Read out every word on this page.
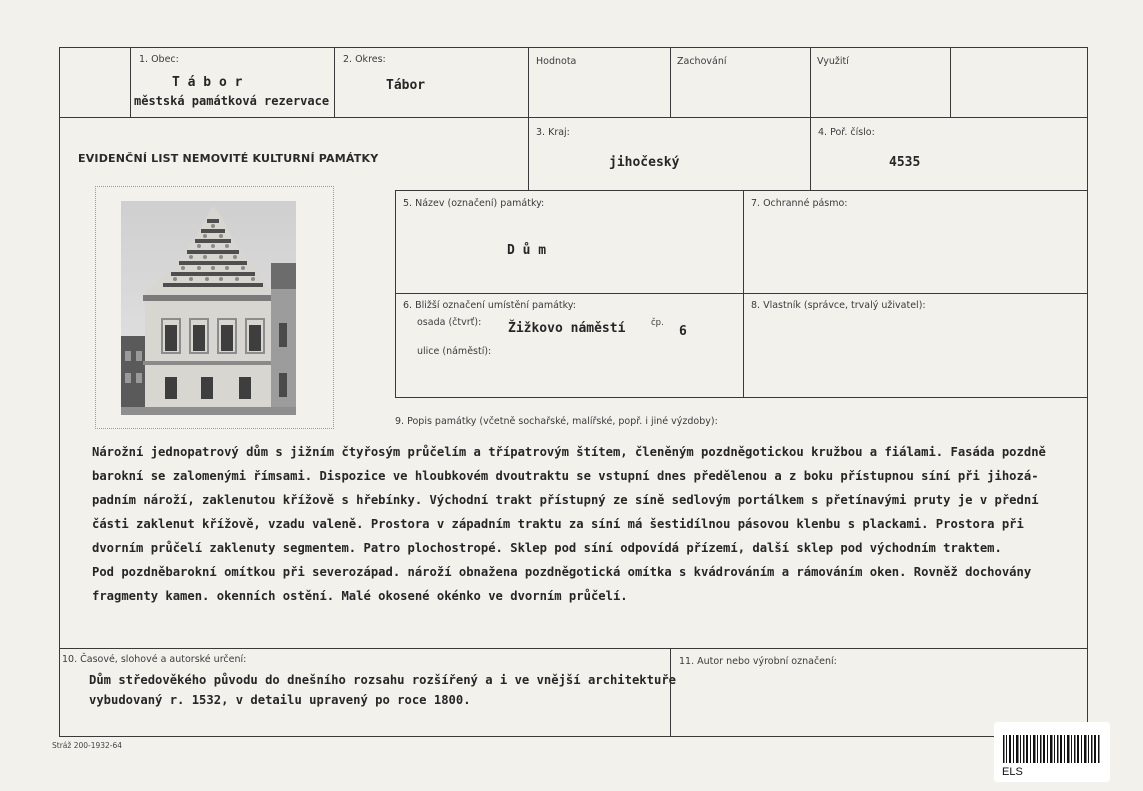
1. Obec:
T á b o r
městská památková rezervace
2. Okres:
Tábor
Hodnota	Zachování	Využití
EVIDENČNÍ LIST NEMOVITÉ KULTURNÍ PAMÁTKY
3. Kraj:
jihočeský
4. Poř. číslo:
4535
5. Název (označení) památky:
D ů m
7. Ochranné pásmo:
6. Bližší označení umístění památky:
osada (čtvrť): Žižkovo náměstí	čp.
6
ulice (náměstí):
8. Vlastník (správce, trvalý uživatel):
9. Popis památky (včetně sochařské, malířské, popř. i jiné výzdoby):
Nárožní jednopatrový dům s jižním čtyřosým průčelím a třípatrovým štítem, členěným pozdněgotickou kružbou a fiálami. Fasáda pozdně
barokní se zalomenými římsami. Dispozice ve hloubkovém dvoutraktu se vstupní dnes předělenou a z boku přístupnou síní při jihozá-
padním nároží, zaklenutou křížově s hřebínky. Východní trakt přístupný ze síně sedlovým portálkem s přetínavými pruty je v přední
části zaklenut křížově, vzadu valeně. Prostora v západním traktu za síní má šestidílnou pásovou klenbu s plackami. Prostora při
dvorním průčelí zaklenuty segmentem. Patro plochostropé. Sklep pod síní odpovídá přízemí, další sklep pod východním traktem.
Pod pozdněbarokní omítkou při severozápad. nároží obnažena pozdněgotická omítka s kvádrováním a rámováním oken. Rovněž dochovány
fragmenty kamen. okenních ostění. Malé okosené okénko ve dvorním průčelí.
10. Časové, slohové a autorské určení:
Dům středověkého původu do dnešního rozsahu rozšířený a i ve vnější architektuře
vybudovaný r. 1532, v detailu upravený po roce 1800.
11. Autor nebo výrobní označení:
Stráž 200-1932-64
ELS
